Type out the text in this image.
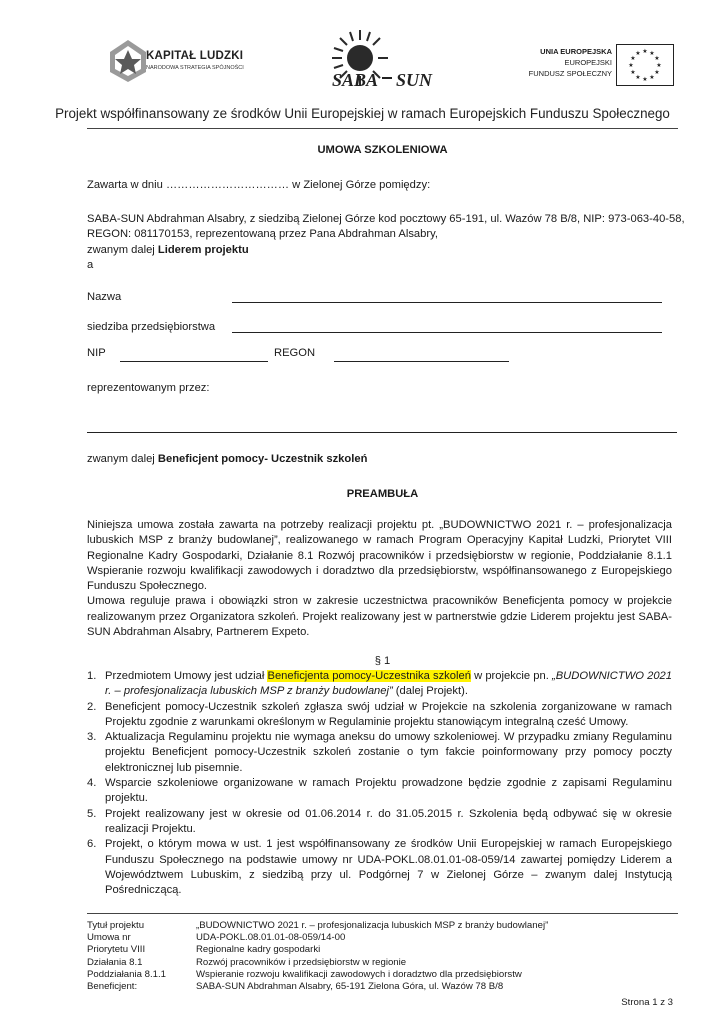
KAPITAŁ LUDZKI
NARODOWA STRATEGIA SPÓJNOŚCI
SABA SUN
UNIA EUROPEJSKA
EUROPEJSKI
FUNDUSZ SPOŁECZNY
★ ★
★
★
★
★
★
★
★
★
★
★
Projekt współfinansowany ze środków Unii Europejskiej w ramach Europejskich Funduszu Społecznego
UMOWA SZKOLENIOWA
Zawarta w dniu …………………………… w Zielonej Górze pomiędzy:
SABA-SUN Abdrahman Alsabry, z siedzibą Zielonej Górze kod pocztowy 65-191, ul. Wazów 78 B/8, NIP: 973-063-40-58,
REGON: 081170153, reprezentowaną przez Pana Abdrahman Alsabry,
zwanym dalej Liderem projektu
a
Nazwa
siedziba przedsiębiorstwa
NIP	REGON
reprezentowanym przez:
zwanym dalej Beneficjent pomocy- Uczestnik szkoleń
PREAMBUŁA
Niniejsza umowa została zawarta na potrzeby realizacji projektu pt. „BUDOWNICTWO 2021 r. – profesjonalizacja lubuskich MSP z branży budowlanej”, realizowanego w ramach Program Operacyjny Kapitał Ludzki, Priorytet VIII Regionalne Kadry Gospodarki, Działanie 8.1 Rozwój pracowników i przedsiębiorstw w regionie, Poddziałanie 8.1.1 Wspieranie rozwoju kwalifikacji zawodowych i doradztwo dla przedsiębiorstw, współfinansowanego z Europejskiego Funduszu Społecznego.
Umowa reguluje prawa i obowiązki stron w zakresie uczestnictwa pracowników Beneficjenta pomocy w projekcie realizowanym przez Organizatora szkoleń. Projekt realizowany jest w partnerstwie gdzie Liderem projektu jest SABA-SUN Abdrahman Alsabry, Partnerem Expeto.
§ 1
1. Przedmiotem Umowy jest udział Beneficjenta pomocy-Uczestnika szkoleń w projekcie pn. „BUDOWNICTWO 2021 r. – profesjonalizacja lubuskich MSP z branży budowlanej” (dalej Projekt).
2. Beneficjent pomocy-Uczestnik szkoleń zgłasza swój udział w Projekcie na szkolenia zorganizowane w ramach Projektu zgodnie z warunkami określonym w Regulaminie projektu stanowiącym integralną cześć Umowy.
3. Aktualizacja Regulaminu projektu nie wymaga aneksu do umowy szkoleniowej. W przypadku zmiany Regulaminu projektu Beneficjent pomocy-Uczestnik szkoleń zostanie o tym fakcie poinformowany przy pomocy poczty elektronicznej lub pisemnie.
4. Wsparcie szkoleniowe organizowane w ramach Projektu prowadzone będzie zgodnie z zapisami Regulaminu projektu.
5. Projekt realizowany jest w okresie od 01.06.2014 r. do 31.05.2015 r. Szkolenia będą odbywać się w okresie realizacji Projektu.
6. Projekt, o którym mowa w ust. 1 jest współfinansowany ze środków Unii Europejskiej w ramach Europejskiego Funduszu Społecznego na podstawie umowy nr UDA-POKL.08.01.01-08-059/14 zawartej pomiędzy Liderem a Województwem Lubuskim, z siedzibą przy ul. Podgórnej 7 w Zielonej Górze – zwanym dalej Instytucją Pośredniczącą.
Tytuł projektu	„BUDOWNICTWO 2021 r. – profesjonalizacja lubuskich MSP z branży budowlanej”
Umowa nr	UDA-POKL.08.01.01-08-059/14-00
Priorytetu VIII	Regionalne kadry gospodarki
Działania 8.1	Rozwój pracowników i przedsiębiorstw w regionie
Poddziałania 8.1.1	Wspieranie rozwoju kwalifikacji zawodowych i doradztwo dla przedsiębiorstw
Beneficjent:	SABA-SUN Abdrahman Alsabry, 65-191 Zielona Góra, ul. Wazów 78 B/8
Strona 1 z 3
